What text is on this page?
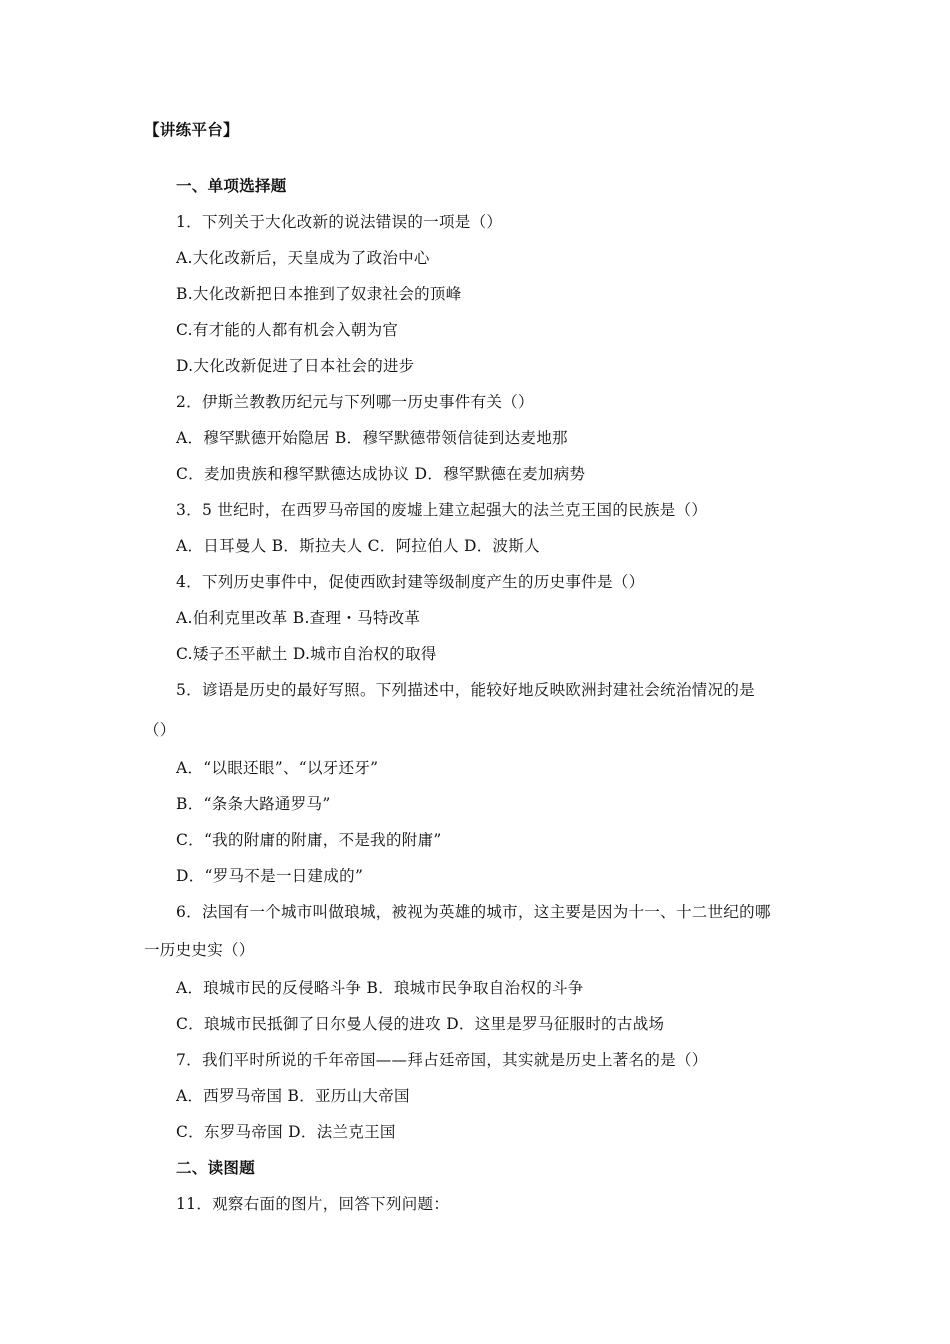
【讲练平台】
一、单项选择题
1．下列关于大化改新的说法错误的一项是（）
A.大化改新后，天皇成为了政治中心
B.大化改新把日本推到了奴隶社会的顶峰
C.有才能的人都有机会入朝为官
D.大化改新促进了日本社会的进步
2．伊斯兰教教历纪元与下列哪一历史事件有关（）
A．穆罕默德开始隐居 B．穆罕默德带领信徒到达麦地那
C．麦加贵族和穆罕默德达成协议 D．穆罕默德在麦加病势
3．5 世纪时，在西罗马帝国的废墟上建立起强大的法兰克王国的民族是（）
A．日耳曼人 B．斯拉夫人 C．阿拉伯人 D．波斯人
4．下列历史事件中，促使西欧封建等级制度产生的历史事件是（）
A.伯利克里改革 B.查理・马特改革
C.矮子丕平献土 D.城市自治权的取得
5．谚语是历史的最好写照。下列描述中，能较好地反映欧洲封建社会统治情况的是
（）
A．“以眼还眼”、“以牙还牙”
B．“条条大路通罗马”
C．“我的附庸的附庸，不是我的附庸”
D．“罗马不是一日建成的”
6．法国有一个城市叫做琅城，被视为英雄的城市，这主要是因为十一、十二世纪的哪
一历史史实（）
A．琅城市民的反侵略斗争 B．琅城市民争取自治权的斗争
C．琅城市民抵御了日尔曼人侵的进攻 D．这里是罗马征服时的古战场
7．我们平时所说的千年帝国——拜占廷帝国，其实就是历史上著名的是（）
A．西罗马帝国 B．亚历山大帝国
C．东罗马帝国 D．法兰克王国
二、读图题
11．观察右面的图片，回答下列问题：
